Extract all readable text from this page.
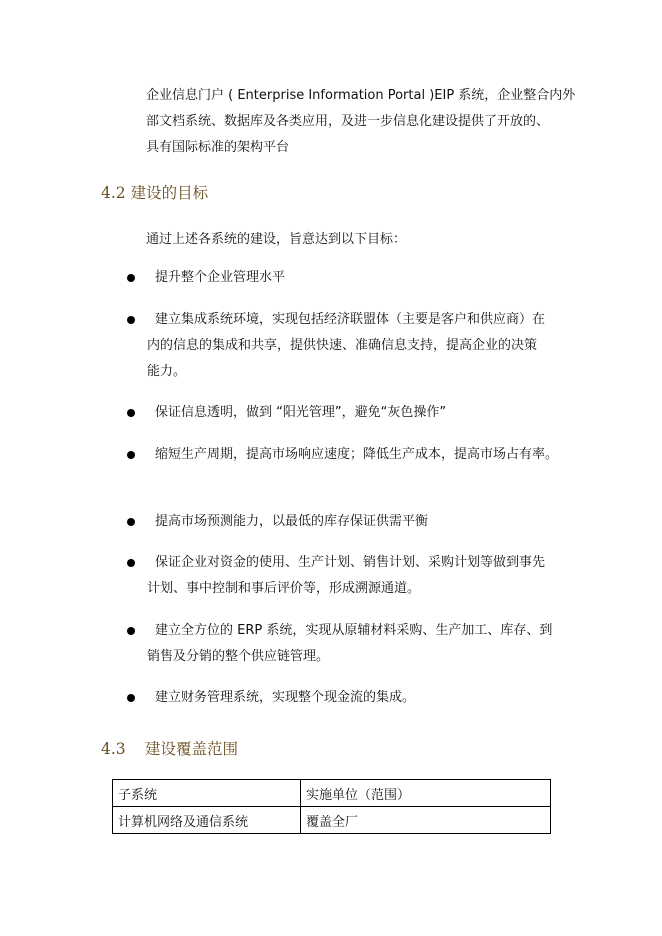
企业信息门户 ( Enterprise Information Portal )EIP 系统，企业整合内外

部文档系统、数据库及各类应用，及进一步信息化建设提供了开放的、

具有国际标准的架构平台

4.2 建设的目标
通过上述各系统的建设，旨意达到以下目标：
提升整个企业管理水平
建立集成系统环境，实现包括经济联盟体（主要是客户和供应商）在
内的信息的集成和共享，提供快速、准确信息支持，提高企业的决策
能力。
保证信息透明，做到 “阳光管理”，避免“灰色操作”
缩短生产周期，提高市场响应速度；降低生产成本，提高市场占有率。
提高市场预测能力，以最低的库存保证供需平衡
保证企业对资金的使用、生产计划、销售计划、采购计划等做到事先
计划、事中控制和事后评价等，形成溯源通道。
建立全方位的 ERP 系统，实现从原辅材料采购、生产加工、库存、到
销售及分销的整个供应链管理。
建立财务管理系统，实现整个现金流的集成。
4.3 建设覆盖范围
子系统	实施单位（范围）
计算机网络及通信系统	覆盖全厂
